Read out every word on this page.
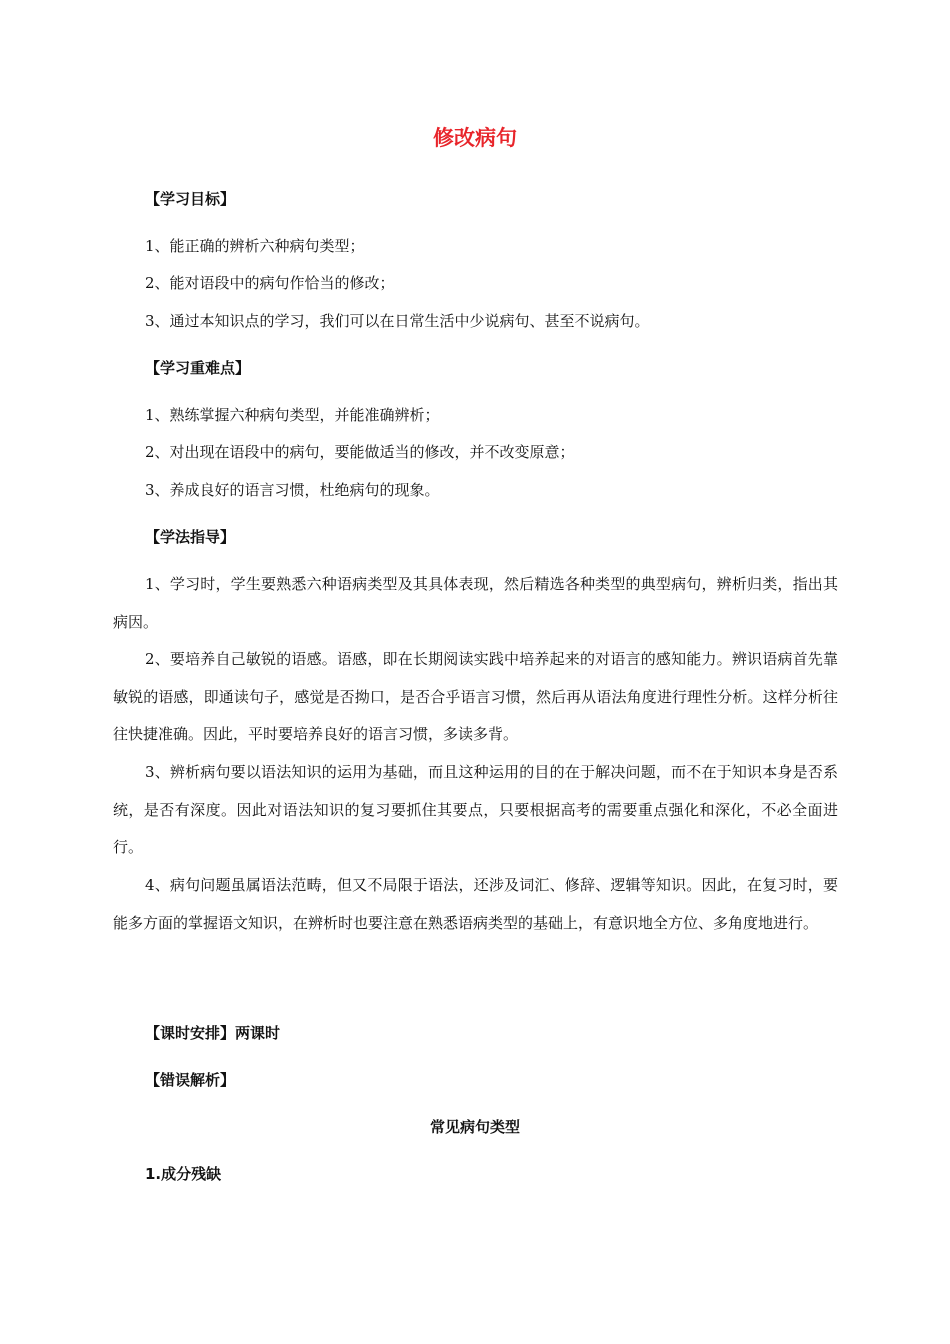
修改病句
【学习目标】
1、能正确的辨析六种病句类型；
2、能对语段中的病句作恰当的修改；
3、通过本知识点的学习，我们可以在日常生活中少说病句、甚至不说病句。
【学习重难点】
1、熟练掌握六种病句类型，并能准确辨析；
2、对出现在语段中的病句，要能做适当的修改，并不改变原意；
3、养成良好的语言习惯，杜绝病句的现象。
【学法指导】
1、学习时，学生要熟悉六种语病类型及其具体表现，然后精选各种类型的典型病句，辨析归类，指出其病因。
2、要培养自己敏锐的语感。语感，即在长期阅读实践中培养起来的对语言的感知能力。辨识语病首先靠敏锐的语感，即通读句子，感觉是否拗口，是否合乎语言习惯，然后再从语法角度进行理性分析。这样分析往往快捷准确。因此，平时要培养良好的语言习惯，多读多背。
3、辨析病句要以语法知识的运用为基础，而且这种运用的目的在于解决问题，而不在于知识本身是否系统，是否有深度。因此对语法知识的复习要抓住其要点，只要根据高考的需要重点强化和深化，不必全面进行。
4、病句问题虽属语法范畴，但又不局限于语法，还涉及词汇、修辞、逻辑等知识。因此，在复习时，要能多方面的掌握语文知识，在辨析时也要注意在熟悉语病类型的基础上，有意识地全方位、多角度地进行。
【课时安排】两课时
【错误解析】
常见病句类型
1.成分残缺
